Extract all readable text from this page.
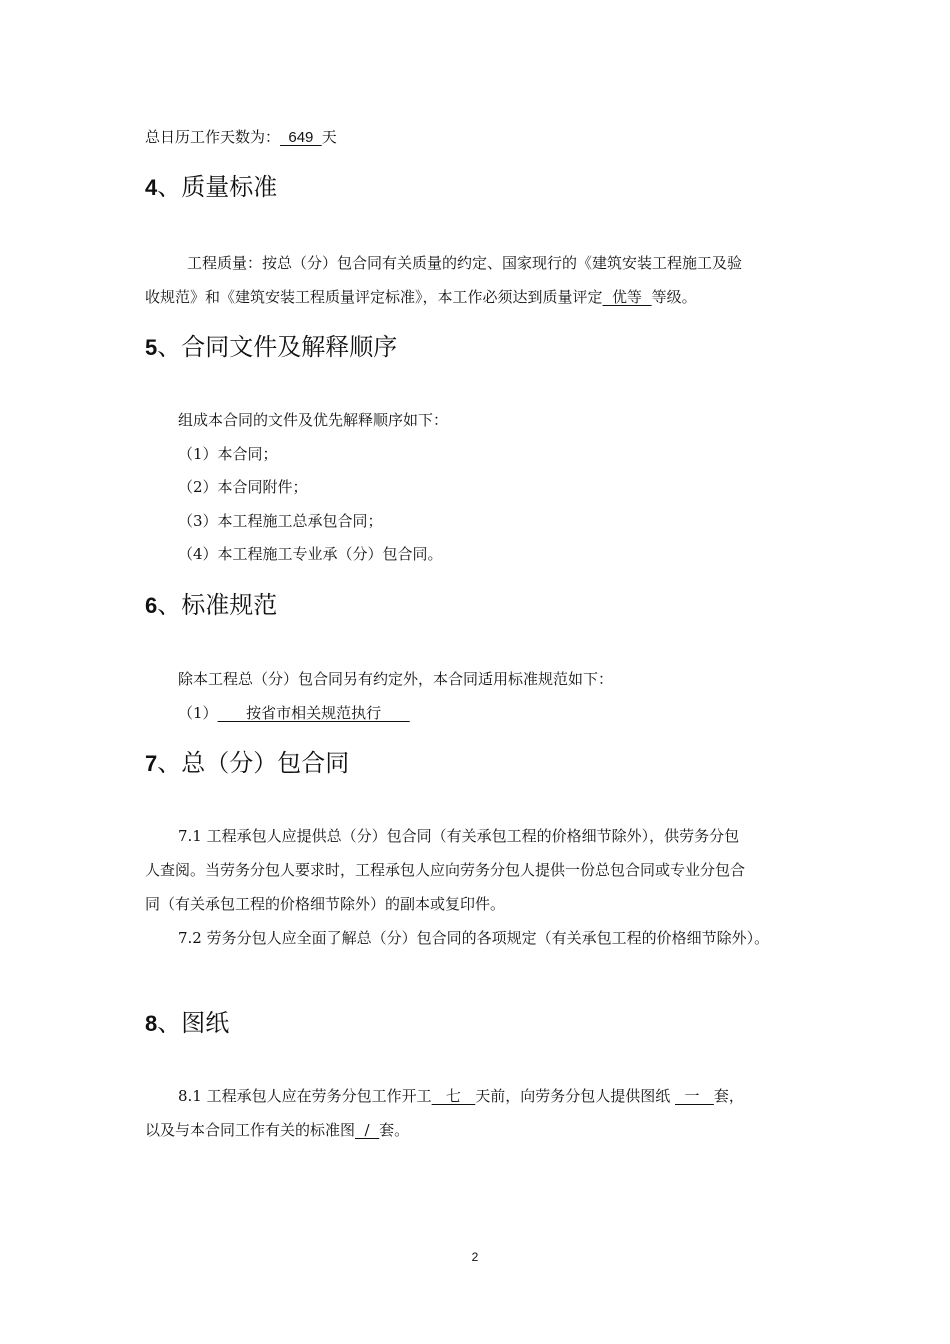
总日历工作天数为：  649  天
4、质量标准
工程质量：按总（分）包合同有关质量的约定、国家现行的《建筑安装工程施工及验
收规范》和《建筑安装工程质量评定标准》，本工作必须达到质量评定  优等  等级。
5、合同文件及解释顺序
组成本合同的文件及优先解释顺序如下：
（1）本合同；
（2）本合同附件；
（3）本工程施工总承包合同；
（4）本工程施工专业承（分）包合同。
6、标准规范
除本工程总（分）包合同另有约定外，本合同适用标准规范如下：
（1）      按省市相关规范执行
7、总（分）包合同
7.1 工程承包人应提供总（分）包合同（有关承包工程的价格细节除外），供劳务分包
人查阅。当劳务分包人要求时，工程承包人应向劳务分包人提供一份总包合同或专业分包合
同（有关承包工程的价格细节除外）的副本或复印件。
7.2 劳务分包人应全面了解总（分）包合同的各项规定（有关承包工程的价格细节除外）。
8、图纸
8.1 工程承包人应在劳务分包工作开工   七   天前，向劳务分包人提供图纸   一   套，
以及与本合同工作有关的标准图  /  套。
2
